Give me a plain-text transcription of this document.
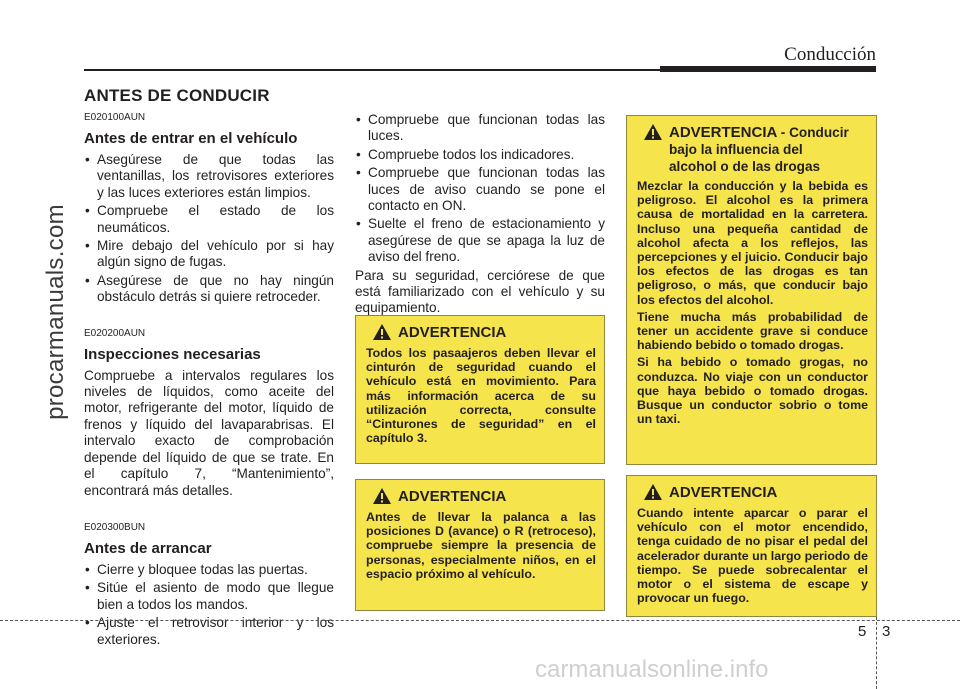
Conducción
ANTES DE CONDUCIR
E020100AUN
Antes de entrar en el vehículo
• Asegúrese de que todas las ventanillas, los retrovisores exteriores y las luces exteriores están limpios.
• Compruebe el estado de los neumáticos.
• Mire debajo del vehículo por si hay algún signo de fugas.
• Asegúrese de que no hay ningún obstáculo detrás si quiere retroceder.
E020200AUN
Inspecciones necesarias

Compruebe a intervalos regulares los niveles de líquidos, como aceite del motor, refrigerante del motor, líquido de frenos y líquido del lavaparabrisas. El intervalo exacto de comprobación depende del líquido de que se trate. En el capítulo 7, “Mantenimiento”, encontrará más detalles.

E020300BUN
Antes de arrancar
• Cierre y bloquee todas las puertas.
• Sitúe el asiento de modo que llegue bien a todos los mandos.
• Ajuste el retrovisor interior y los exteriores.
• Compruebe que funcionan todas las luces.
• Compruebe todos los indicadores.
• Compruebe que funcionan todas las luces de aviso cuando se pone el contacto en ON.
• Suelte el freno de estacionamiento y asegúrese de que se apaga la luz de aviso del freno.

Para su seguridad, cerciórese de que está familiarizado con el vehículo y su equipamiento.

ADVERTENCIA

Todos los pasaajeros deben llevar el cinturón de seguridad cuando el vehículo está en movimiento. Para más información acerca de su utilización correcta, consulte “Cinturones de seguridad” en el capítulo 3.

ADVERTENCIA

Antes de llevar la palanca a las posiciones D (avance) o R (retroceso), compruebe siempre la presencia de personas, especialmente niños, en el espacio próximo al vehículo.

ADVERTENCIA - Conducir
bajo la influencia del
alcohol o de las drogas

Mezclar la conducción y la bebida es peligroso. El alcohol es la primera causa de mortalidad en la carretera. Incluso una pequeña cantidad de alcohol afecta a los reflejos, las percepciones y el juicio. Conducir bajo los efectos de las drogas es tan peligroso, o más, que conducir bajo los efectos del alcohol.

Tiene mucha más probabilidad de tener un accidente grave si conduce habiendo bebido o tomado drogas.

Si ha bebido o tomado grogas, no conduzca. No viaje con un conductor que haya bebido o tomado drogas. Busque un conductor sobrio o tome un taxi.

ADVERTENCIA

Cuando intente aparcar o parar el vehículo con el motor encendido, tenga cuidado de no pisar el pedal del acelerador durante un largo periodo de tiempo. Se puede sobrecalentar el motor o el sistema de escape y provocar un fuego.

5 3
procarmanuals.com
carmanualsonline.info
